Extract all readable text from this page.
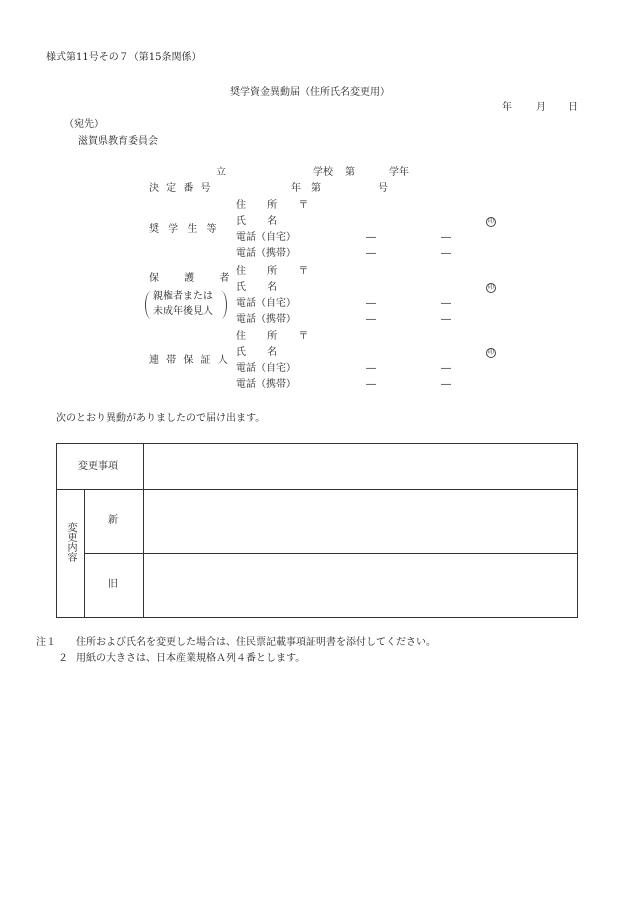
様式第11号その７（第15条関係）
奨学資金異動届（住所氏名変更用）
年 月 日
（宛先）
滋賀県教育委員会
立	学校 第	学年
決 定 番 号	年 第	号
奨 学 生 等
住 所 〒
氏 名	印
電話（自宅）	―	―
電話（携帯）	―	―
保 護 者
親権者または
未成年後見人
住 所 〒
氏 名	印
電話（自宅）	―	―
電話（携帯）	―	―
連 帯 保 証 人
住 所 〒
氏 名	印
電話（自宅）	―	―
電話（携帯）	―	―
次のとおり異動がありましたので届け出ます。
変更事項
変更内容
新
旧
注１ 住所および氏名を変更した場合は、住民票記載事項証明書を添付してください。
２ 用紙の大きさは、日本産業規格Ａ列４番とします。
